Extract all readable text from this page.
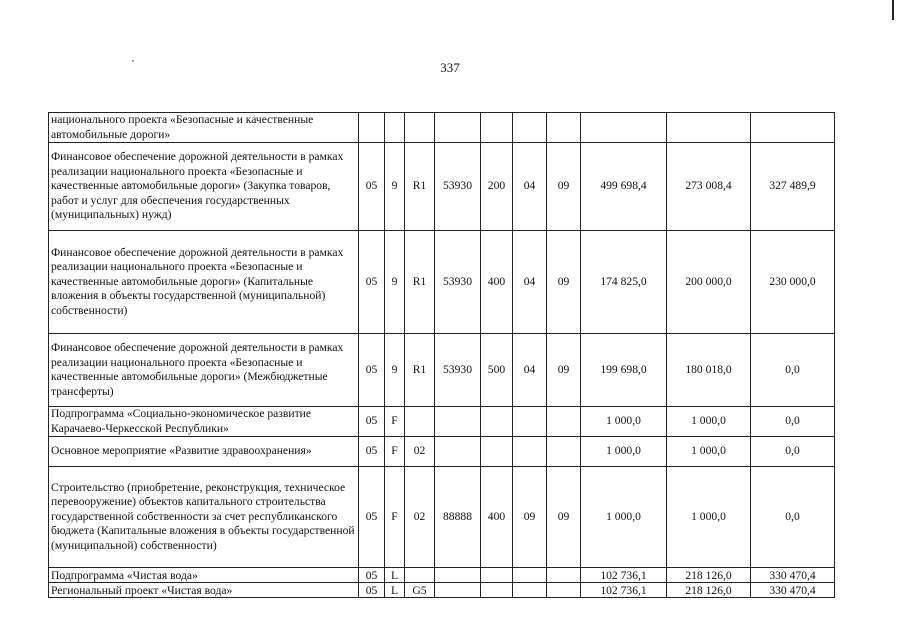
337
национального проекта «Безопасные и качественные автомобильные дороги»										
Финансовое обеспечение дорожной деятельности в рамках реализации национального проекта «Безопасные и качественные автомобильные дороги» (Закупка товаров, работ и услуг для обеспечения государственных (муниципальных) нужд)	05	9	R1	53930	200	04	09	499 698,4	273 008,4	327 489,9
Финансовое обеспечение дорожной деятельности в рамках реализации национального проекта «Безопасные и качественные автомобильные дороги» (Капитальные вложения в объекты государственной (муниципальной) собственности)	05	9	R1	53930	400	04	09	174 825,0	200 000,0	230 000,0
Финансовое обеспечение дорожной деятельности в рамках реализации национального проекта «Безопасные и качественные автомобильные дороги» (Межбюджетные трансферты)	05	9	R1	53930	500	04	09	199 698,0	180 018,0	0,0
Подпрограмма «Социально-экономическое развитие Карачаево-Черкесской Республики»	05	F						1 000,0	1 000,0	0,0
Основное мероприятие «Развитие здравоохранения»	05	F	02					1 000,0	1 000,0	0,0
Строительство (приобретение, реконструкция, техническое перевооружение) объектов капитального строительства государственной собственности за счет республиканского бюджета (Капитальные вложения в объекты государственной (муниципальной) собственности)	05	F	02	88888	400	09	09	1 000,0	1 000,0	0,0
Подпрограмма «Чистая вода»	05	L						102 736,1	218 126,0	330 470,4
Региональный проект «Чистая вода»	05	L	G5					102 736,1	218 126,0	330 470,4
